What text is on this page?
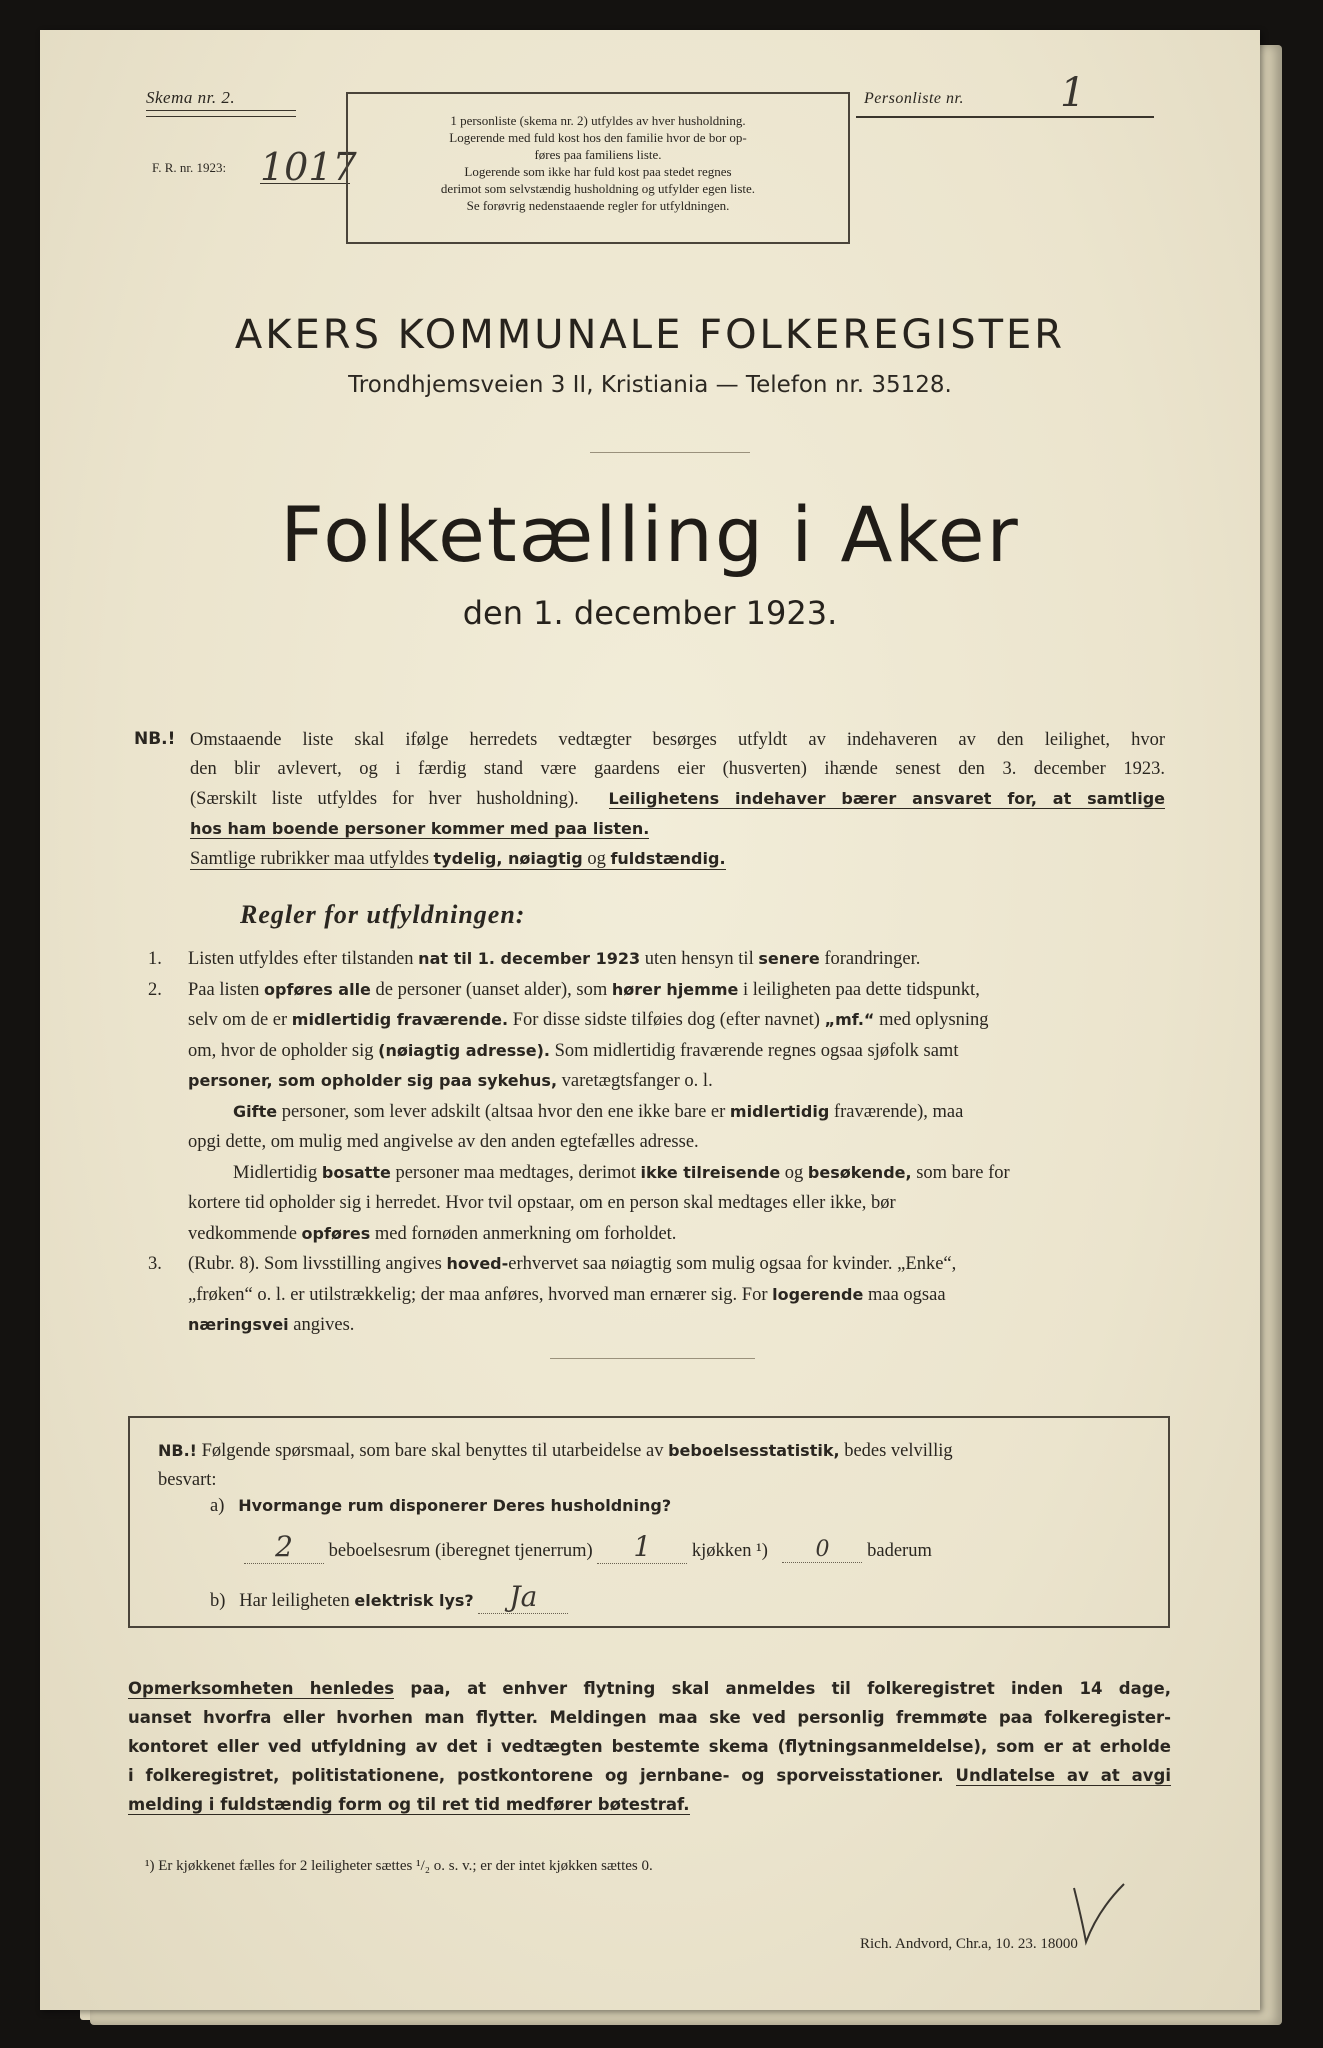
Skema nr. 2.
F. R. nr. 1923: 1017
1 personliste (skema nr. 2) utfyldes av hver husholdning.
Logerende med fuld kost hos den familie hvor de bor op-
føres paa familiens liste.
Logerende som ikke har fuld kost paa stedet regnes
derimot som selvstændig husholdning og utfylder egen liste.
Se forøvrig nedenstaaende regler for utfyldningen.
Personliste nr. 1
AKERS KOMMUNALE FOLKEREGISTER
Trondhjemsveien 3 II, Kristiania — Telefon nr. 35128.
Folketælling i Aker
den 1. december 1923.
NB.! Omstaaende liste skal ifølge herredets vedtægter besørges utfyldt av indehaveren av den leilighet, hvor
den blir avlevert, og i færdig stand være gaardens eier (husverten) ihænde senest den 3. december 1923.
(Særskilt liste utfyldes for hver husholdning). Leilighetens indehaver bærer ansvaret for, at samtlige
hos ham boende personer kommer med paa listen.
Samtlige rubrikker maa utfyldes tydelig, nøiagtig og fuldstændig.
Regler for utfyldningen:
1. Listen utfyldes efter tilstanden nat til 1. december 1923 uten hensyn til senere forandringer.
2. Paa listen opføres alle de personer (uanset alder), som hører hjemme i leiligheten paa dette tidspunkt,
selv om de er midlertidig fraværende. For disse sidste tilføies dog (efter navnet) „mf.“ med oplysning
om, hvor de opholder sig (nøiagtig adresse). Som midlertidig fraværende regnes ogsaa sjøfolk samt
personer, som opholder sig paa sykehus, varetægtsfanger o. l.
Gifte personer, som lever adskilt (altsaa hvor den ene ikke bare er midlertidig fraværende), maa
opgi dette, om mulig med angivelse av den anden egtefælles adresse.
Midlertidig bosatte personer maa medtages, derimot ikke tilreisende og besøkende, som bare for
kortere tid opholder sig i herredet. Hvor tvil opstaar, om en person skal medtages eller ikke, bør
vedkommende opføres med fornøden anmerkning om forholdet.
3. (Rubr. 8). Som livsstilling angives hoved-erhvervet saa nøiagtig som mulig ogsaa for kvinder. „Enke“,
„frøken“ o. l. er utilstrækkelig; der maa anføres, hvorved man ernærer sig. For logerende maa ogsaa
næringsvei angives.
NB.! Følgende spørsmaal, som bare skal benyttes til utarbeidelse av beboelsesstatistik, bedes velvillig
besvart:
a) Hvormange rum disponerer Deres husholdning?
2 beboelsesrum (iberegnet tjenerrum) 1 kjøkken ¹) 0 baderum
b) Har leiligheten elektrisk lys? Ja
Opmerksomheten henledes paa, at enhver flytning skal anmeldes til folkeregistret inden 14 dage,
uanset hvorfra eller hvorhen man flytter. Meldingen maa ske ved personlig fremmøte paa folkeregister-
kontoret eller ved utfyldning av det i vedtægten bestemte skema (flytningsanmeldelse), som er at erholde
i folkeregistret, politistationene, postkontorene og jernbane- og sporveisstationer. Undlatelse av at avgi
melding i fuldstændig form og til ret tid medfører bøtestraf.
¹) Er kjøkkenet fælles for 2 leiligheter sættes ¹/₂ o. s. v.; er der intet kjøkken sættes 0.
Rich. Andvord, Chr.a, 10. 23. 18000
